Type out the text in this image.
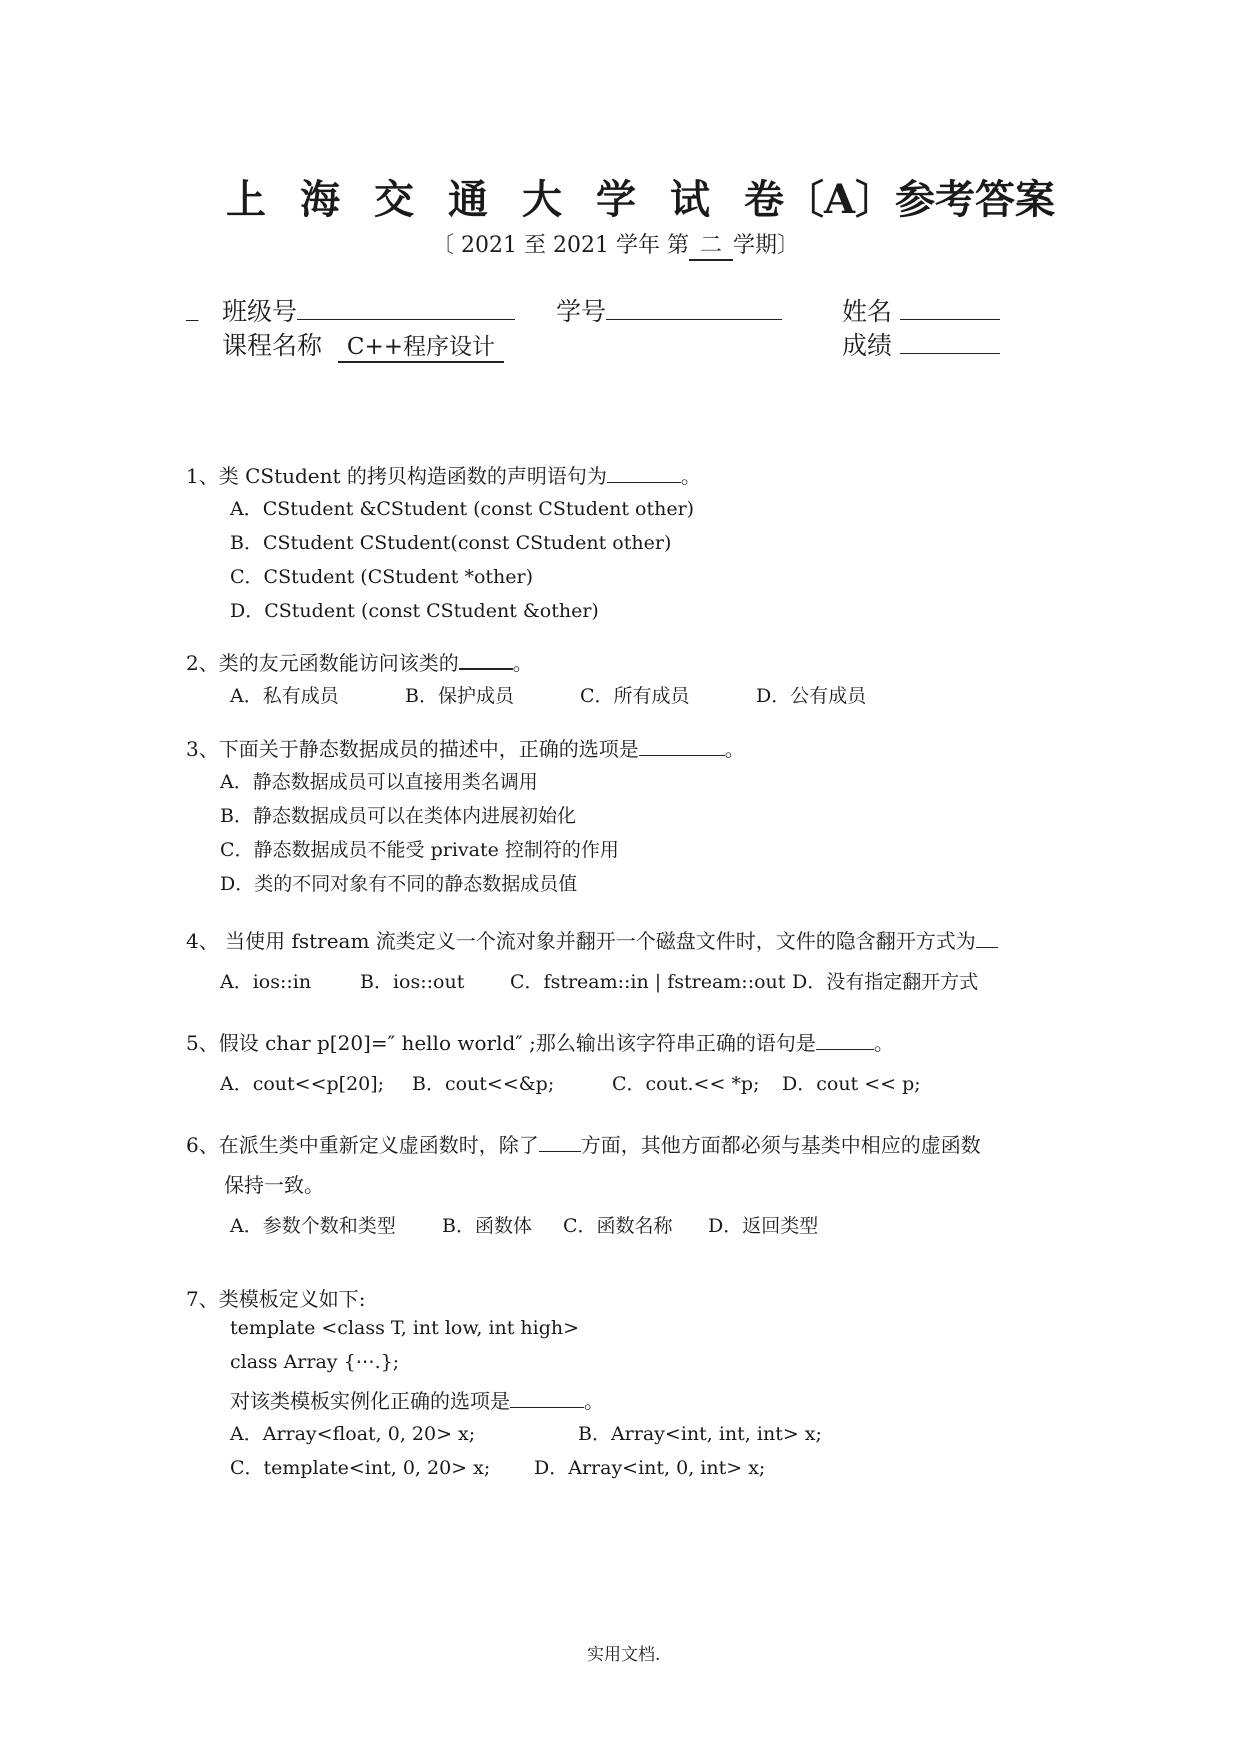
上 海 交 通 大 学 试 卷〔A〕参考答案
〔 2021 至 2021 学年 第 二 学期〕
_ 班级号	学号	姓名
课程名称 C++程序设计	成绩
1、类 CStudent 的拷贝构造函数的声明语句为	。
A．CStudent &CStudent (const CStudent other)
B．CStudent CStudent(const CStudent other)
C．CStudent (CStudent *other)
D．CStudent (const CStudent &other)
2、类的友元函数能访问该类的	。
A．私有成员	B．保护成员	C．所有成员	D．公有成员
3、下面关于静态数据成员的描述中，正确的选项是	。
A．静态数据成员可以直接用类名调用
B．静态数据成员可以在类体内进展初始化
C．静态数据成员不能受 private 控制符的作用
D．类的不同对象有不同的静态数据成员值
4、 当使用 fstream 流类定义一个流对象并翻开一个磁盘文件时，文件的隐含翻开方式为
A．ios::in	B．ios::out C．fstream::in | fstream::out D．没有指定翻开方式
5、假设 char p[20]=″ hello world″ ;那么输出该字符串正确的语句是	。
A．cout<<p[20]; B．cout<<&p;	C．cout.<< *p; D．cout << p;
6、在派生类中重新定义虚函数时，除了 方面，其他方面都必须与基类中相应的虚函数
保持一致。
A．参数个数和类型 B．函数体 C．函数名称 D．返回类型
7、类模板定义如下:
template <class T, int low, int high>
class Array {⋯.};
对该类模板实例化正确的选项是	。
A．Array<float, 0, 20> x;	B．Array<int, int, int> x;
C．template<int, 0, 20> x; D．Array<int, 0, int> x;
实用文档.
